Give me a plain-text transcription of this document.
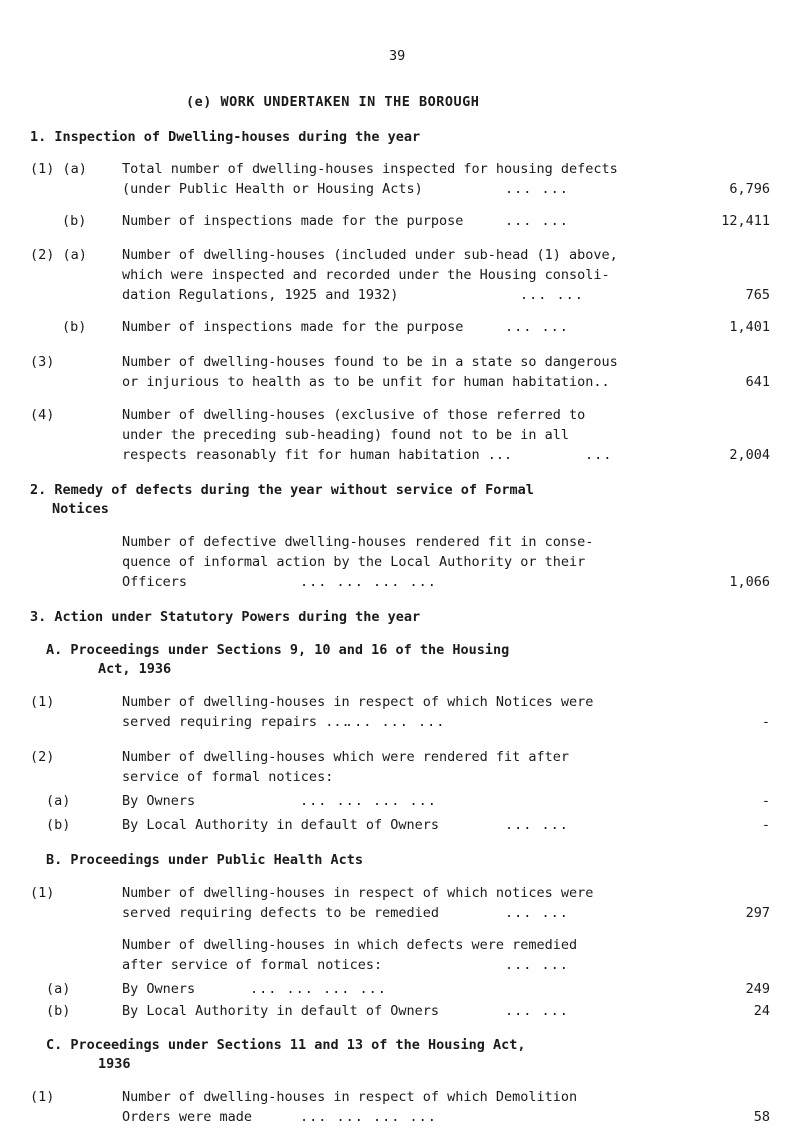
39
(e) WORK UNDERTAKEN IN THE BOROUGH
1. Inspection of Dwelling-houses during the year
(1) (a)	Total number of dwelling-houses inspected for housing defects
(under Public Health or Housing Acts)	... ...	6,796
(b)	Number of inspections made for the purpose	... ...	12,411
(2) (a)	Number of dwelling-houses (included under sub-head (1) above,
which were inspected and recorded under the Housing consoli-
dation Regulations, 1925 and 1932)	... ...	765
(b)	Number of inspections made for the purpose	... ...	1,401
(3)	Number of dwelling-houses found to be in a state so dangerous
or injurious to health as to be unfit for human habitation..	641
(4)	Number of dwelling-houses (exclusive of those referred to
under the preceding sub-heading) found not to be in all
respects reasonably fit for human habitation ...	...	2,004
2. Remedy of defects during the year without service of Formal
Notices
Number of defective dwelling-houses rendered fit in conse-
quence of informal action by the Local Authority or their
Officers	... ... ... ...	1,066
3. Action under Statutory Powers during the year
A. Proceedings under Sections 9, 10 and 16 of the Housing
Act, 1936
(1)	Number of dwelling-houses in respect of which Notices were
served requiring repairs ...
... ... ...	-
(2)	Number of dwelling-houses which were rendered fit after
service of formal notices:
(a)	By Owners	... ... ... ...	-
(b)	By Local Authority in default of Owners	... ...	-
B. Proceedings under Public Health Acts
(1)	Number of dwelling-houses in respect of which notices were
served requiring defects to be remedied	... ...	297
Number of dwelling-houses in which defects were remedied
after service of formal notices:	... ...
(a)	By Owners	... ... ... ...	249
(b)	By Local Authority in default of Owners	... ...	24
C. Proceedings under Sections 11 and 13 of the Housing Act,
1936
(1)	Number of dwelling-houses in respect of which Demolition
Orders were made	... ... ... ...	58
